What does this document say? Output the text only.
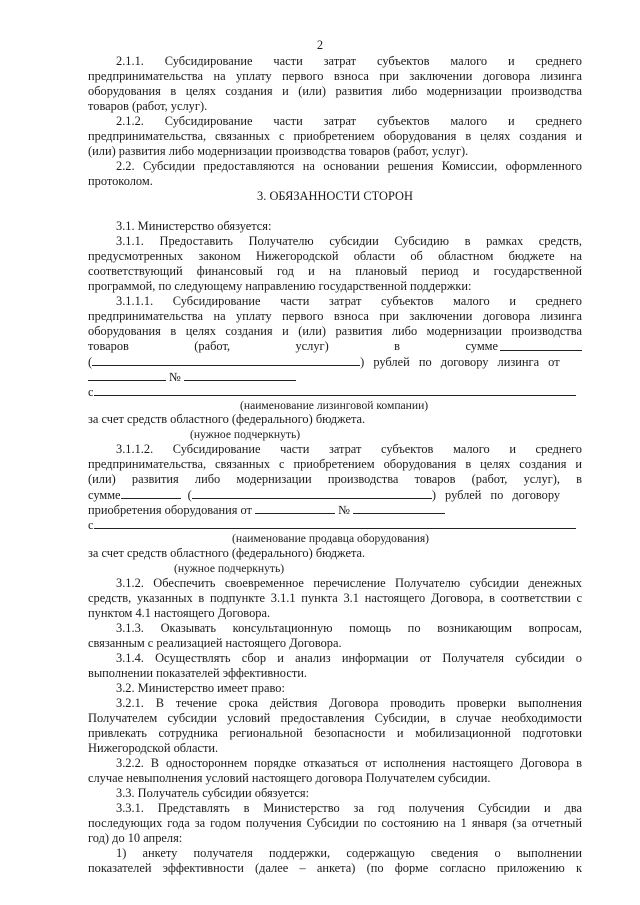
2
2.1.1. Субсидирование части затрат субъектов малого и среднего
предпринимательства на уплату первого взноса при заключении договора лизинга
оборудования в целях создания и (или) развития либо модернизации производства
товаров (работ, услуг).
2.1.2. Субсидирование части затрат субъектов малого и среднего
предпринимательства, связанных с приобретением оборудования в целях создания и
(или) развития либо модернизации производства товаров (работ, услуг).
2.2. Субсидии предоставляются на основании решения Комиссии, оформленного
протоколом.
3. ОБЯЗАННОСТИ СТОРОН
3.1. Министерство обязуется:
3.1.1. Предоставить Получателю субсидии Субсидию в рамках средств,
предусмотренных законом Нижегородской области об областном бюджете на
соответствующий финансовый год и на плановый период и государственной
программой, по следующему направлению государственной поддержки:
3.1.1.1. Субсидирование части затрат субъектов малого и среднего
предпринимательства на уплату первого взноса при заключении договора лизинга
оборудования в целях создания и (или) развития либо модернизации производства
товаров (работ, услуг) в сумме
(	) рублей по договору лизинга от
№
с
(наименование лизинговой компании)
за счет средств областного (федерального) бюджета.
(нужное подчеркнуть)
3.1.1.2. Субсидирование части затрат субъектов малого и среднего
предпринимательства, связанных с приобретением оборудования в целях создания и
(или) развития либо модернизации производства товаров (работ, услуг), в
сумме	(	) рублей по договору
приобретения оборудования от	№
с
(наименование продавца оборудования)
за счет средств областного (федерального) бюджета.
(нужное подчеркнуть)
3.1.2. Обеспечить своевременное перечисление Получателю субсидии денежных
средств, указанных в подпункте 3.1.1 пункта 3.1 настоящего Договора, в соответствии с
пунктом 4.1 настоящего Договора.
3.1.3. Оказывать консультационную помощь по возникающим вопросам,
связанным с реализацией настоящего Договора.
3.1.4. Осуществлять сбор и анализ информации от Получателя субсидии о
выполнении показателей эффективности.
3.2. Министерство имеет право:
3.2.1. В течение срока действия Договора проводить проверки выполнения
Получателем субсидии условий предоставления Субсидии, в случае необходимости
привлекать сотрудника региональной безопасности и мобилизационной подготовки
Нижегородской области.
3.2.2. В одностороннем порядке отказаться от исполнения настоящего Договора в
случае невыполнения условий настоящего договора Получателем субсидии.
3.3. Получатель субсидии обязуется:
3.3.1. Представлять в Министерство за год получения Субсидии и два
последующих года за годом получения Субсидии по состоянию на 1 января (за отчетный
год) до 10 апреля:
1) анкету получателя поддержки, содержащую сведения о выполнении
показателей эффективности (далее – анкета) (по форме согласно приложению к
